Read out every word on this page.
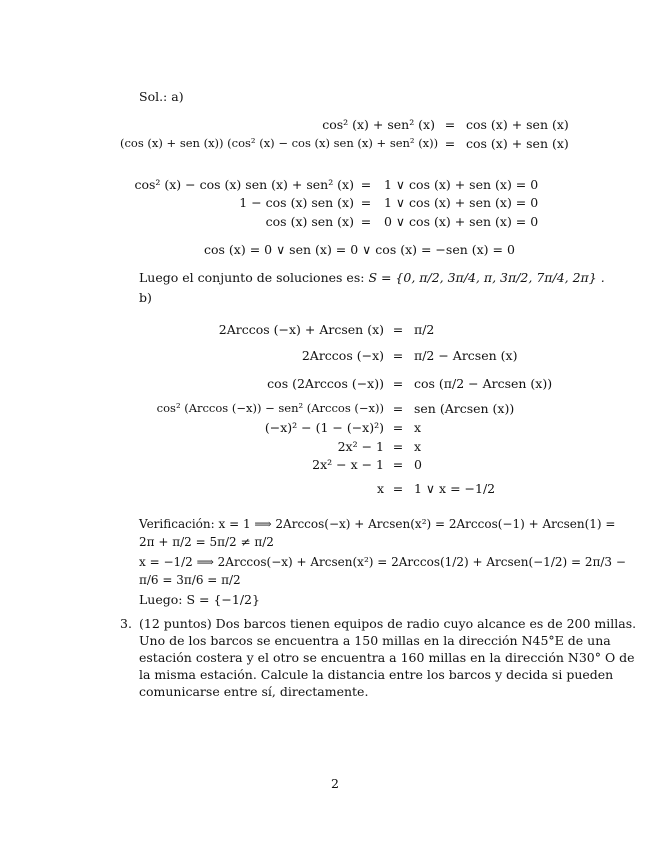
Sol.: a)
cos² (x) + sen² (x) = cos (x) + sen (x)
(cos (x) + sen (x)) (cos² (x) − cos (x) sen (x) + sen² (x)) = cos (x) + sen (x)
cos² (x) − cos (x) sen (x) + sen² (x) = 1 ∨ cos (x) + sen (x) = 0
1 − cos (x) sen (x) = 1 ∨ cos (x) + sen (x) = 0
cos (x) sen (x) = 0 ∨ cos (x) + sen (x) = 0
cos (x) = 0 ∨ sen (x) = 0 ∨ cos (x) = −sen (x) = 0
Luego el conjunto de soluciones es: S = {0, π/2, 3π/4, π, 3π/2, 7π/4, 2π} .
b)
2Arccos (−x) + Arcsen (x) = π/2
2Arccos (−x) = π/2 − Arcsen (x)
cos (2Arccos (−x)) = cos (π/2 − Arcsen (x))
cos² (Arccos (−x)) − sen² (Arccos (−x)) = sen (Arcsen (x))
(−x)² − (1 − (−x)²) = x
2x² − 1 = x
2x² − x − 1 = 0
x = 1 ∨ x = −1/2
Verificación: x = 1 ⟹ 2Arccos(−x) + Arcsen(x²) = 2Arccos(−1) + Arcsen(1) =
2π + π/2 = 5π/2 ≠ π/2
x = −1/2 ⟹ 2Arccos(−x) + Arcsen(x²) = 2Arccos(1/2) + Arcsen(−1/2) = 2π/3 −
π/6 = 3π/6 = π/2
Luego: S = {−1/2}
3. (12 puntos) Dos barcos tienen equipos de radio cuyo alcance es de 200 millas.
Uno de los barcos se encuentra a 150 millas en la dirección N45°E de una
estación costera y el otro se encuentra a 160 millas en la dirección N30° O de
la misma estación. Calcule la distancia entre los barcos y decida si pueden
comunicarse entre sí, directamente.
2
